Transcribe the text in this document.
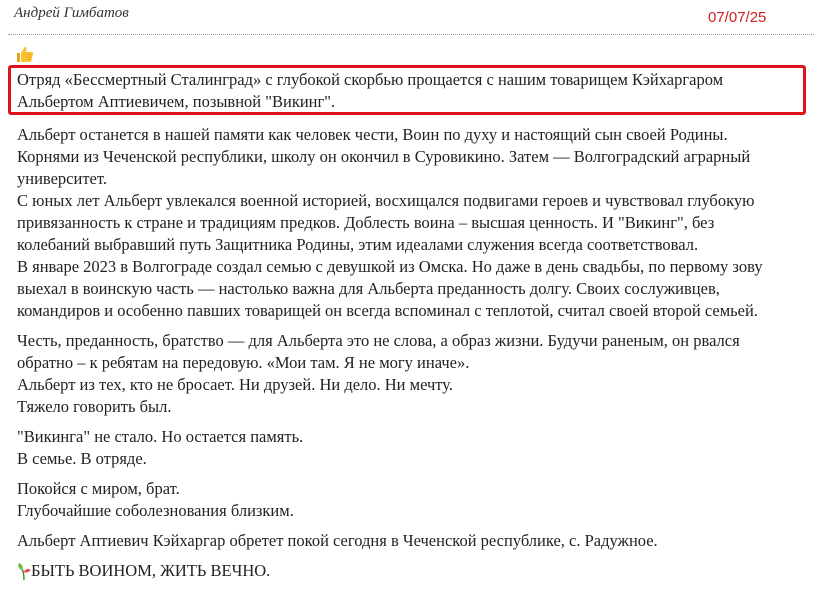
Андрей Гимбатов	07/07/25
Отряд «Бессмертный Сталинград» с глубокой скорбью прощается с нашим товарищем Кэйхаргаром
Альбертом Аптиевичем, позывной "Викинг".

Альберт останется в нашей памяти как человек чести, Воин по духу и настоящий сын своей Родины.
Корнями из Чеченской республики, школу он окончил в Суровикино. Затем — Волгоградский аграрный
университет.
С юных лет Альберт увлекался военной историей, восхищался подвигами героев и чувствовал глубокую
привязанность к стране и традициям предков. Доблесть воина – высшая ценность. И "Викинг", без
колебаний выбравший путь Защитника Родины, этим идеалами служения всегда соответствовал.
В январе 2023 в Волгограде создал семью с девушкой из Омска. Но даже в день свадьбы, по первому зову
выехал в воинскую часть — настолько важна для Альберта преданность долгу. Своих сослуживцев,
командиров и особенно павших товарищей он всегда вспоминал с теплотой, считал своей второй семьей.

Честь, преданность, братство — для Альберта это не слова, а образ жизни. Будучи раненым, он рвался
обратно – к ребятам на передовую. «Мои там. Я не могу иначе».
Альберт из тех, кто не бросает. Ни друзей. Ни дело. Ни мечту.
Тяжело говорить был.

"Викинга" не стало. Но остается память.
В семье. В отряде.

Покойся с миром, брат.
Глубочайшие соболезнования близким.

Альберт Аптиевич Кэйхаргар обретет покой сегодня в Чеченской республике, с. Радужное.

БЫТЬ ВОИНОМ, ЖИТЬ ВЕЧНО.
